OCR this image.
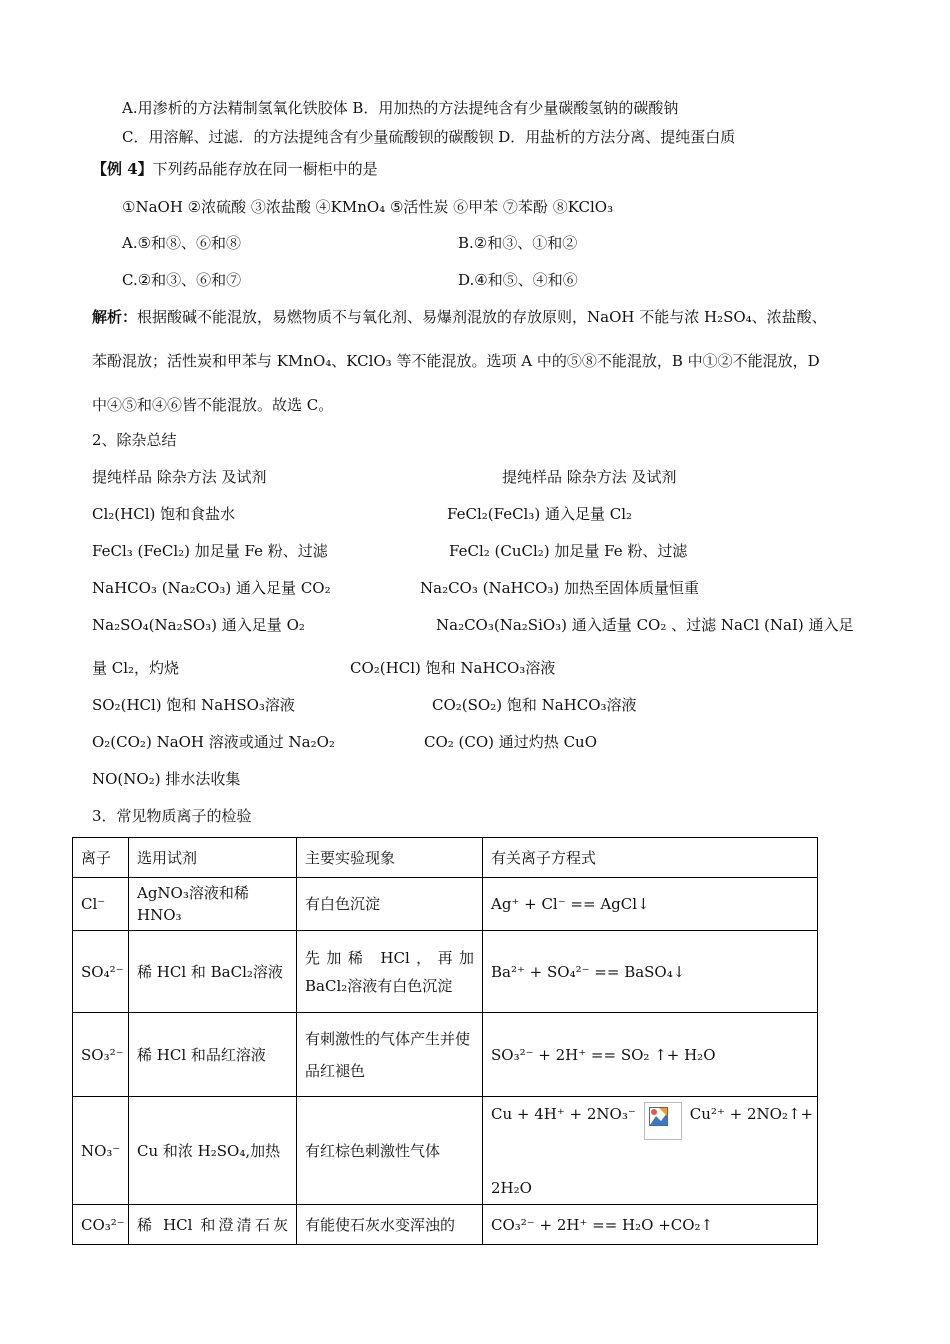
A.用渗析的方法精制氢氧化铁胶体 B．用加热的方法提纯含有少量碳酸氢钠的碳酸钠
C．用溶解、过滤．的方法提纯含有少量硫酸钡的碳酸钡 D．用盐析的方法分离、提纯蛋白质
【例 4】下列药品能存放在同一橱柜中的是
①NaOH ②浓硫酸 ③浓盐酸 ④KMnO₄ ⑤活性炭 ⑥甲苯 ⑦苯酚 ⑧KClO₃
A.⑤和⑧、⑥和⑧	B.②和③、①和②
C.②和③、⑥和⑦	D.④和⑤、④和⑥
解析：根据酸碱不能混放，易燃物质不与氧化剂、易爆剂混放的存放原则，NaOH 不能与浓 H₂SO₄、浓盐酸、
苯酚混放；活性炭和甲苯与 KMnO₄、KClO₃ 等不能混放。选项 A 中的⑤⑧不能混放，B 中①②不能混放，D
中④⑤和④⑥皆不能混放。故选 C。
2、除杂总结
提纯样品 除杂方法 及试剂	提纯样品 除杂方法 及试剂
Cl₂(HCl) 饱和食盐水	FeCl₂(FeCl₃) 通入足量 Cl₂
FeCl₃ (FeCl₂) 加足量 Fe 粉、过滤	FeCl₂ (CuCl₂) 加足量 Fe 粉、过滤
NaHCO₃ (Na₂CO₃) 通入足量 CO₂	Na₂CO₃ (NaHCO₃) 加热至固体质量恒重
Na₂SO₄(Na₂SO₃) 通入足量 O₂	Na₂CO₃(Na₂SiO₃) 通入适量 CO₂ 、过滤 NaCl (NaI) 通入足
量 Cl₂，灼烧	CO₂(HCl) 饱和 NaHCO₃溶液
SO₂(HCl) 饱和 NaHSO₃溶液	CO₂(SO₂) 饱和 NaHCO₃溶液
O₂(CO₂) NaOH 溶液或通过 Na₂O₂	CO₂ (CO) 通过灼热 CuO
NO(NO₂) 排水法收集
3．常见物质离子的检验
离子	选用试剂	主要实验现象	有关离子方程式
Cl⁻	AgNO₃溶液和稀 HNO₃	有白色沉淀	Ag⁺ + Cl⁻ == AgCl↓
SO₄²⁻	稀 HCl 和 BaCl₂溶液	先加稀 HCl，再加 BaCl₂溶液有白色沉淀	Ba²⁺ + SO₄²⁻ == BaSO₄↓
SO₃²⁻	稀 HCl 和品红溶液	有刺激性的气体产生并使品红褪色	SO₃²⁻ + 2H⁺ == SO₂ ↑+ H₂O
NO₃⁻	Cu 和浓 H₂SO₄,加热	有红棕色刺激性气体	Cu + 4H⁺ + 2NO₃⁻ Cu²⁺ + 2NO₂↑+
2H₂O

CO₃²⁻	稀 HCl 和澄清石灰	有能使石灰水变浑浊的	CO₃²⁻ + 2H⁺ == H₂O +CO₂↑
